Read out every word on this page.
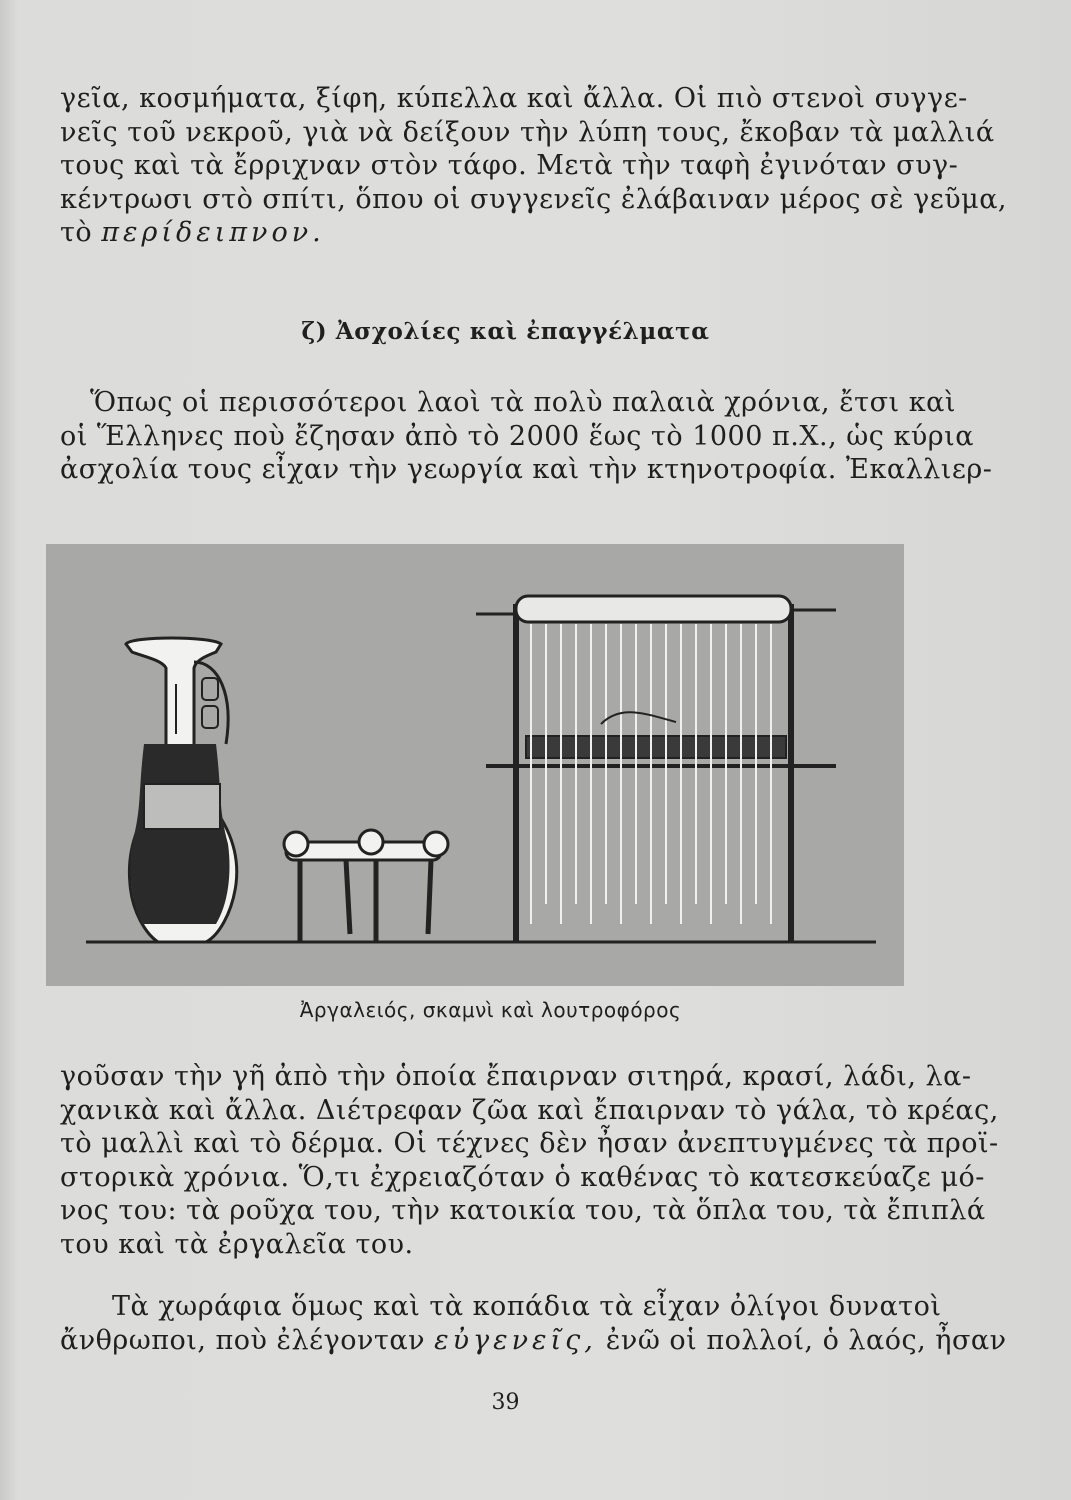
γεῖα, κοσμήματα, ξίφη, κύπελλα καὶ ἄλλα. Οἱ πιὸ στενοὶ συγγε-
νεῖς τοῦ νεκροῦ, γιὰ νὰ δείξουν τὴν λύπη τους, ἔκοβαν τὰ μαλλιά
τους καὶ τὰ ἔρριχναν στὸν τάφο. Μετὰ τὴν ταφὴ ἐγινόταν συγ-
κέντρωσι στὸ σπίτι, ὅπου οἱ συγγενεῖς ἐλάβαιναν μέρος σὲ γεῦμα,
τὸ περίδειπνον.
ζ) Ἀσχολίες καὶ ἐπαγγέλματα
Ὅπως οἱ περισσότεροι λαοὶ τὰ πολὺ παλαιὰ χρόνια, ἔτσι καὶ
οἱ Ἕλληνες ποὺ ἔζησαν ἀπὸ τὸ 2000 ἕως τὸ 1000 π.Χ., ὡς κύρια
ἀσχολία τους εἶχαν τὴν γεωργία καὶ τὴν κτηνοτροφία. Ἐκαλλιερ-
Ἀργαλειός, σκαμνὶ καὶ λουτροφόρος
γοῦσαν τὴν γῆ ἀπὸ τὴν ὁποία ἔπαιρναν σιτηρά, κρασί, λάδι, λα-
χανικὰ καὶ ἄλλα. Διέτρεφαν ζῶα καὶ ἔπαιρναν τὸ γάλα, τὸ κρέας,
τὸ μαλλὶ καὶ τὸ δέρμα. Οἱ τέχνες δὲν ἦσαν ἀνεπτυγμένες τὰ προϊ-
στορικὰ χρόνια. Ὅ,τι ἐχρειαζόταν ὁ καθένας τὸ κατεσκεύαζε μό-
νος του: τὰ ροῦχα του, τὴν κατοικία του, τὰ ὅπλα του, τὰ ἔπιπλά
του καὶ τὰ ἐργαλεῖα του.
Τὰ χωράφια ὅμως καὶ τὰ κοπάδια τὰ εἶχαν ὀλίγοι δυνατοὶ
ἄνθρωποι, ποὺ ἐλέγονταν εὐγενεῖς, ἐνῶ οἱ πολλοί, ὁ λαός, ἦσαν
39
